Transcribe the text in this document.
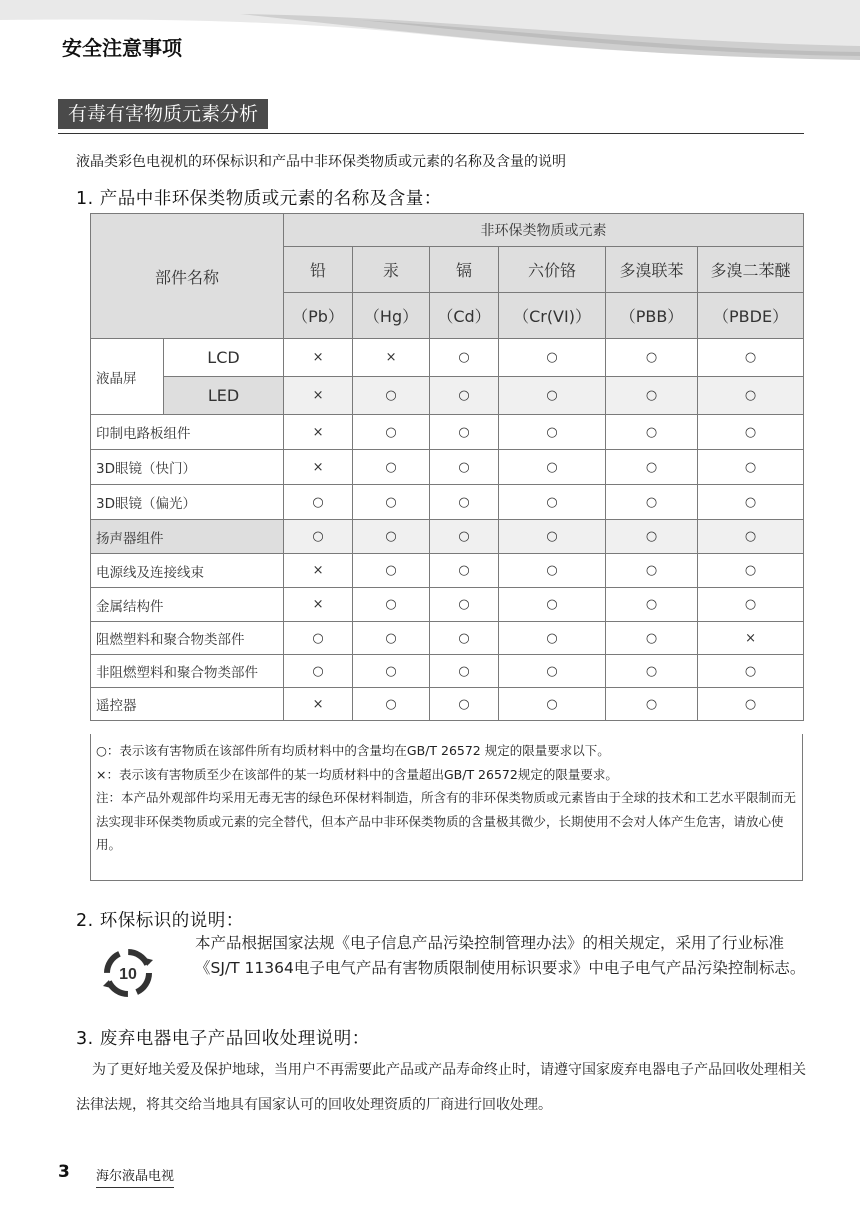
安全注意事项
有毒有害物质元素分析
液晶类彩色电视机的环保标识和产品中非环保类物质或元素的名称及含量的说明
1. 产品中非环保类物质或元素的名称及含量：
部件名称		非环保类物质或元素					
		铅	汞	镉	六价铬	多溴联苯	多溴二苯醚
		（Pb）	（Hg）	（Cd）	（Cr(VI)）	（PBB）	（PBDE）
液晶屏	LCD	×	×	○	○	○	○
	LED	×	○	○	○	○	○
印制电路板组件		×	○	○	○	○	○
3D眼镜（快门）		×	○	○	○	○	○
3D眼镜（偏光）		○	○	○	○	○	○
扬声器组件		○	○	○	○	○	○
电源线及连接线束		×	○	○	○	○	○
金属结构件		×	○	○	○	○	○
阻燃塑料和聚合物类部件		○	○	○	○	○	×
非阻燃塑料和聚合物类部件		○	○	○	○	○	○
遥控器		×	○	○	○	○	○

○：表示该有害物质在该部件所有均质材料中的含量均在GB/T 26572 规定的限量要求以下。

×：表示该有害物质至少在该部件的某一均质材料中的含量超出GB/T 26572规定的限量要求。

注：本产品外观部件均采用无毒无害的绿色环保材料制造，所含有的非环保类物质或元素皆由于全球的技术和工艺水平限制而无法实现非环保类物质或元素的完全替代，但本产品中非环保类物质的含量极其微少，长期使用不会对人体产生危害，请放心使用。

2. 环保标识的说明：
10
本产品根据国家法规《电子信息产品污染控制管理办法》的相关规定，采用了行业标准《SJ/T 11364电子电气产品有害物质限制使用标识要求》中电子电气产品污染控制标志。
3. 废弃电器电子产品回收处理说明：
为了更好地关爱及保护地球，当用户不再需要此产品或产品寿命终止时，请遵守国家废弃电器电子产品回收处理相关法律法规，将其交给当地具有国家认可的回收处理资质的厂商进行回收处理。
3 海尔液晶电视
